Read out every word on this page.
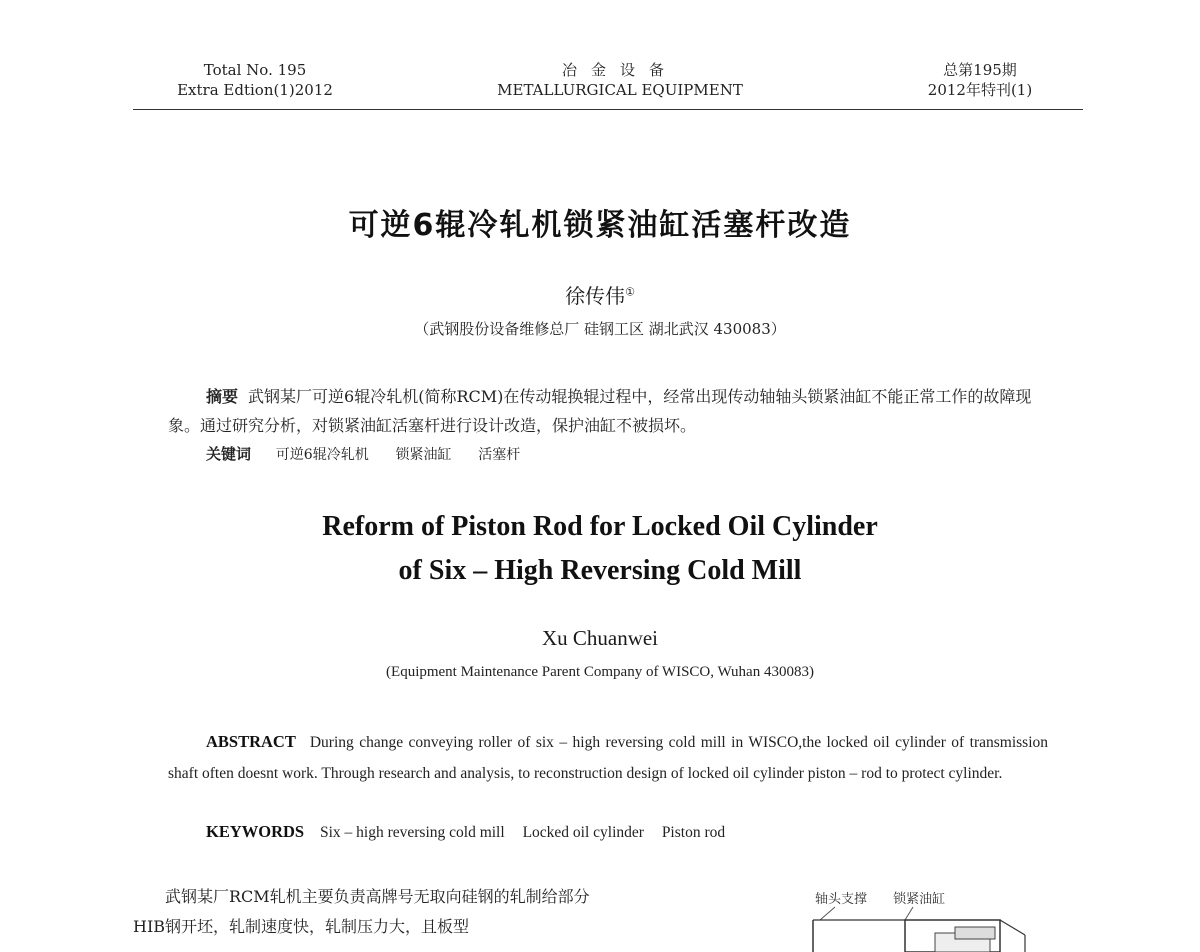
Total No. 195
Extra Edtion(1)2012
冶金设备
METALLURGICAL EQUIPMENT
总第195期
2012年特刊(1)
可逆6辊冷轧机锁紧油缸活塞杆改造
徐传伟①
（武钢股份设备维修总厂 硅钢工区 湖北武汉 430083）
摘要 武钢某厂可逆6辊冷轧机(简称RCM)在传动辊换辊过程中，经常出现传动轴轴头锁紧油缸不能正常工作的故障现象。通过研究分析，对锁紧油缸活塞杆进行设计改造，保护油缸不被损坏。
关键词 可逆6辊冷轧机 锁紧油缸 活塞杆
Reform of Piston Rod for Locked Oil Cylinder
of Six – High Reversing Cold Mill
Xu Chuanwei
(Equipment Maintenance Parent Company of WISCO, Wuhan 430083)
ABSTRACT During change conveying roller of six – high reversing cold mill in WISCO,the locked oil cylinder of transmission shaft often doesnt work. Through research and analysis, to reconstruction design of locked oil cylinder piston – rod to protect cylinder.
KEYWORDS Six – high reversing cold mill Locked oil cylinder Piston rod

武钢某厂RCM轧机主要负责高牌号无取向硅钢的轧制给部分HIB钢开坯，轧制速度快，轧制压力大，且板型

轴头支撑 锁紧油缸
